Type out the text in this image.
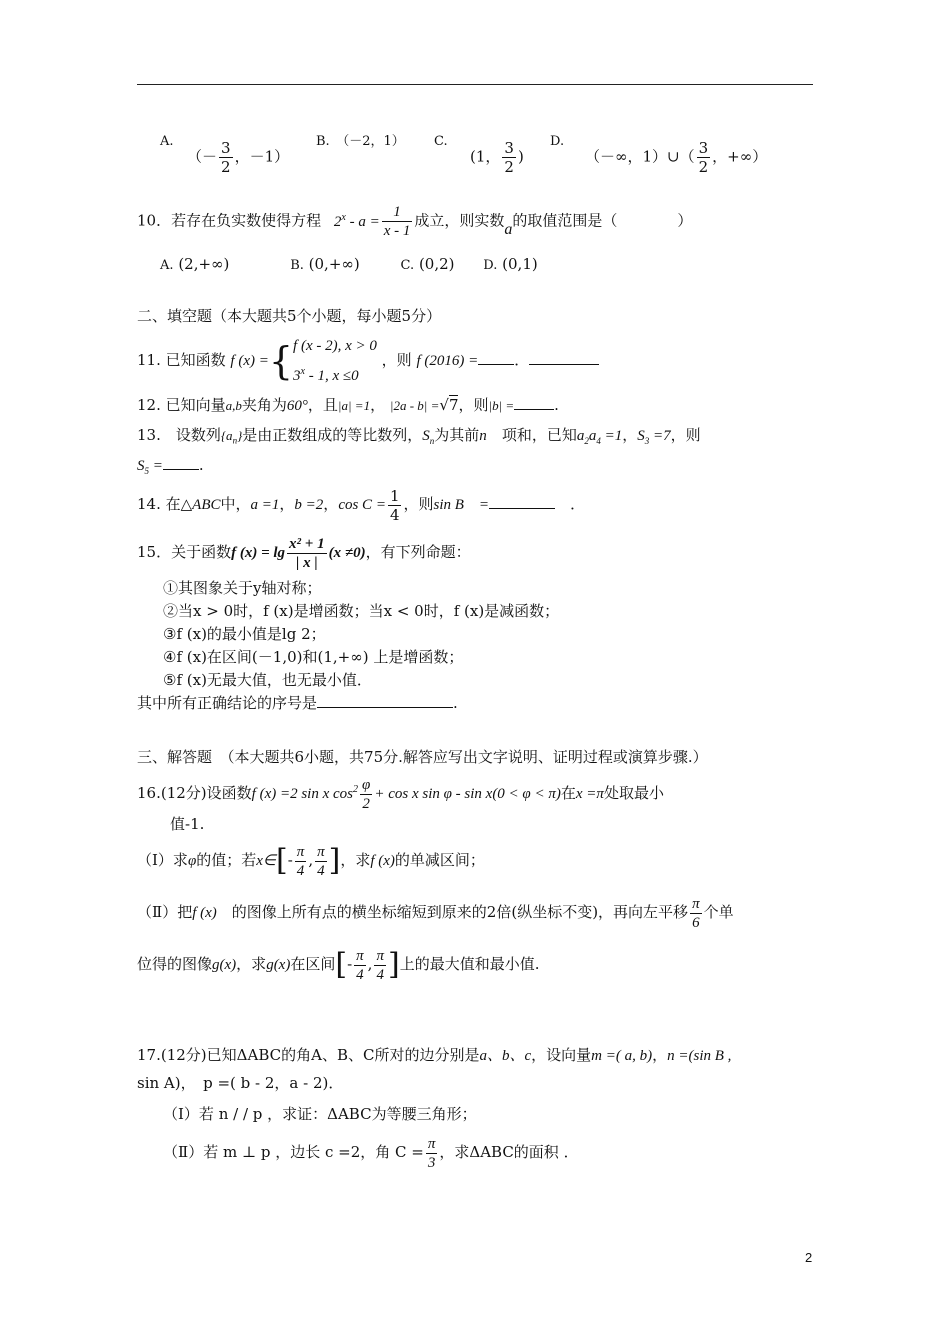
A.
（－ $\frac{3}{2}$ ，－1）
B.　 （－2，1） C.
(1， $\frac{3}{2}$ )
D.
（－∞，1）∪（ $\frac{3}{2}$ ，+∞）
10．若存在负实数使得方程 $2^x - a = \frac{1}{x - 1}$ 成立，则实数a的取值范围是（　　　　）
A. (2,+∞)	B. (0,+∞)	C. (0,2) D. (0,1)
二、填空题（本大题共5个小题，每小题5分）
11. 已知函数 f (x) ={ f (x - 2), x > 0
3$^x$ - 1, x ≤0
，则 f (2016) = ．
12. 已知向量a,b夹角为60°，且|a| =1， |2a - b| =√7，则|b| =	.
13.　设数列$\{a_n\}$是由正数组成的等比数列，$S_n$为其前n　 项和，已知$a_2a_4 =1$，$S_3 =7$，则
$S_5$ = .
14. 在△ABC中，a =1，b =2，$\cos C = \frac{1}{4}$ ，则sin B　=　	．
15．关于函数f $(x) = \lg \frac{\text{x² + 1}}{| x |} (x \ne 0)$，有下列命题：
①其图象关于y轴对称；
②当x > 0时，f (x)是增函数；当x < 0时，f (x)是减函数；
③f (x)的最小值是lg 2；
④f (x)在区间(－1,0)和(1,+∞) 上是增函数；
⑤f (x)无最大值，也无最小值．
其中所有正确结论的序号是	.
三、解答题　（本大题共6小题，共75分.解答应写出文字说明、证明过程或演算步骤.）
16.(12分)设函数f (x) =2 sin x $\cos^2 \frac{\varphi}{2} + \cos x$ sin φ - sin x(0 < φ < π)在x =π处取最小
值-1.
（Ⅰ）求φ的值；若x∈[- $\frac{\pi}{4}$ , $\frac{\pi}{4}$ ]，求f (x)的单减区间；
（Ⅱ）把f (x)　 的图像上所有点的横坐标缩短到原来的2倍(纵坐标不变)，再向左平移 $\frac{\pi}{6}$ 个单
位得的图像g(x)，求g(x)在区间[- $\frac{\pi}{4}$ , $\frac{\pi}{4}$ ]上的最大值和最小值.
17.(12分)已知ΔABC的角A、B、C所对的边分别是a、b、c，设向量m =( a, b)，n =(sin B ,
sin A)，　p =( b - 2，a - 2)．
（Ⅰ）若 n / / p ，求证：ΔABC为等腰三角形；
（Ⅱ）若 m ⊥ p ，边长 c =2，角 $C = \frac{\pi}{3}$ ，求ΔABC的面积 ．
2
